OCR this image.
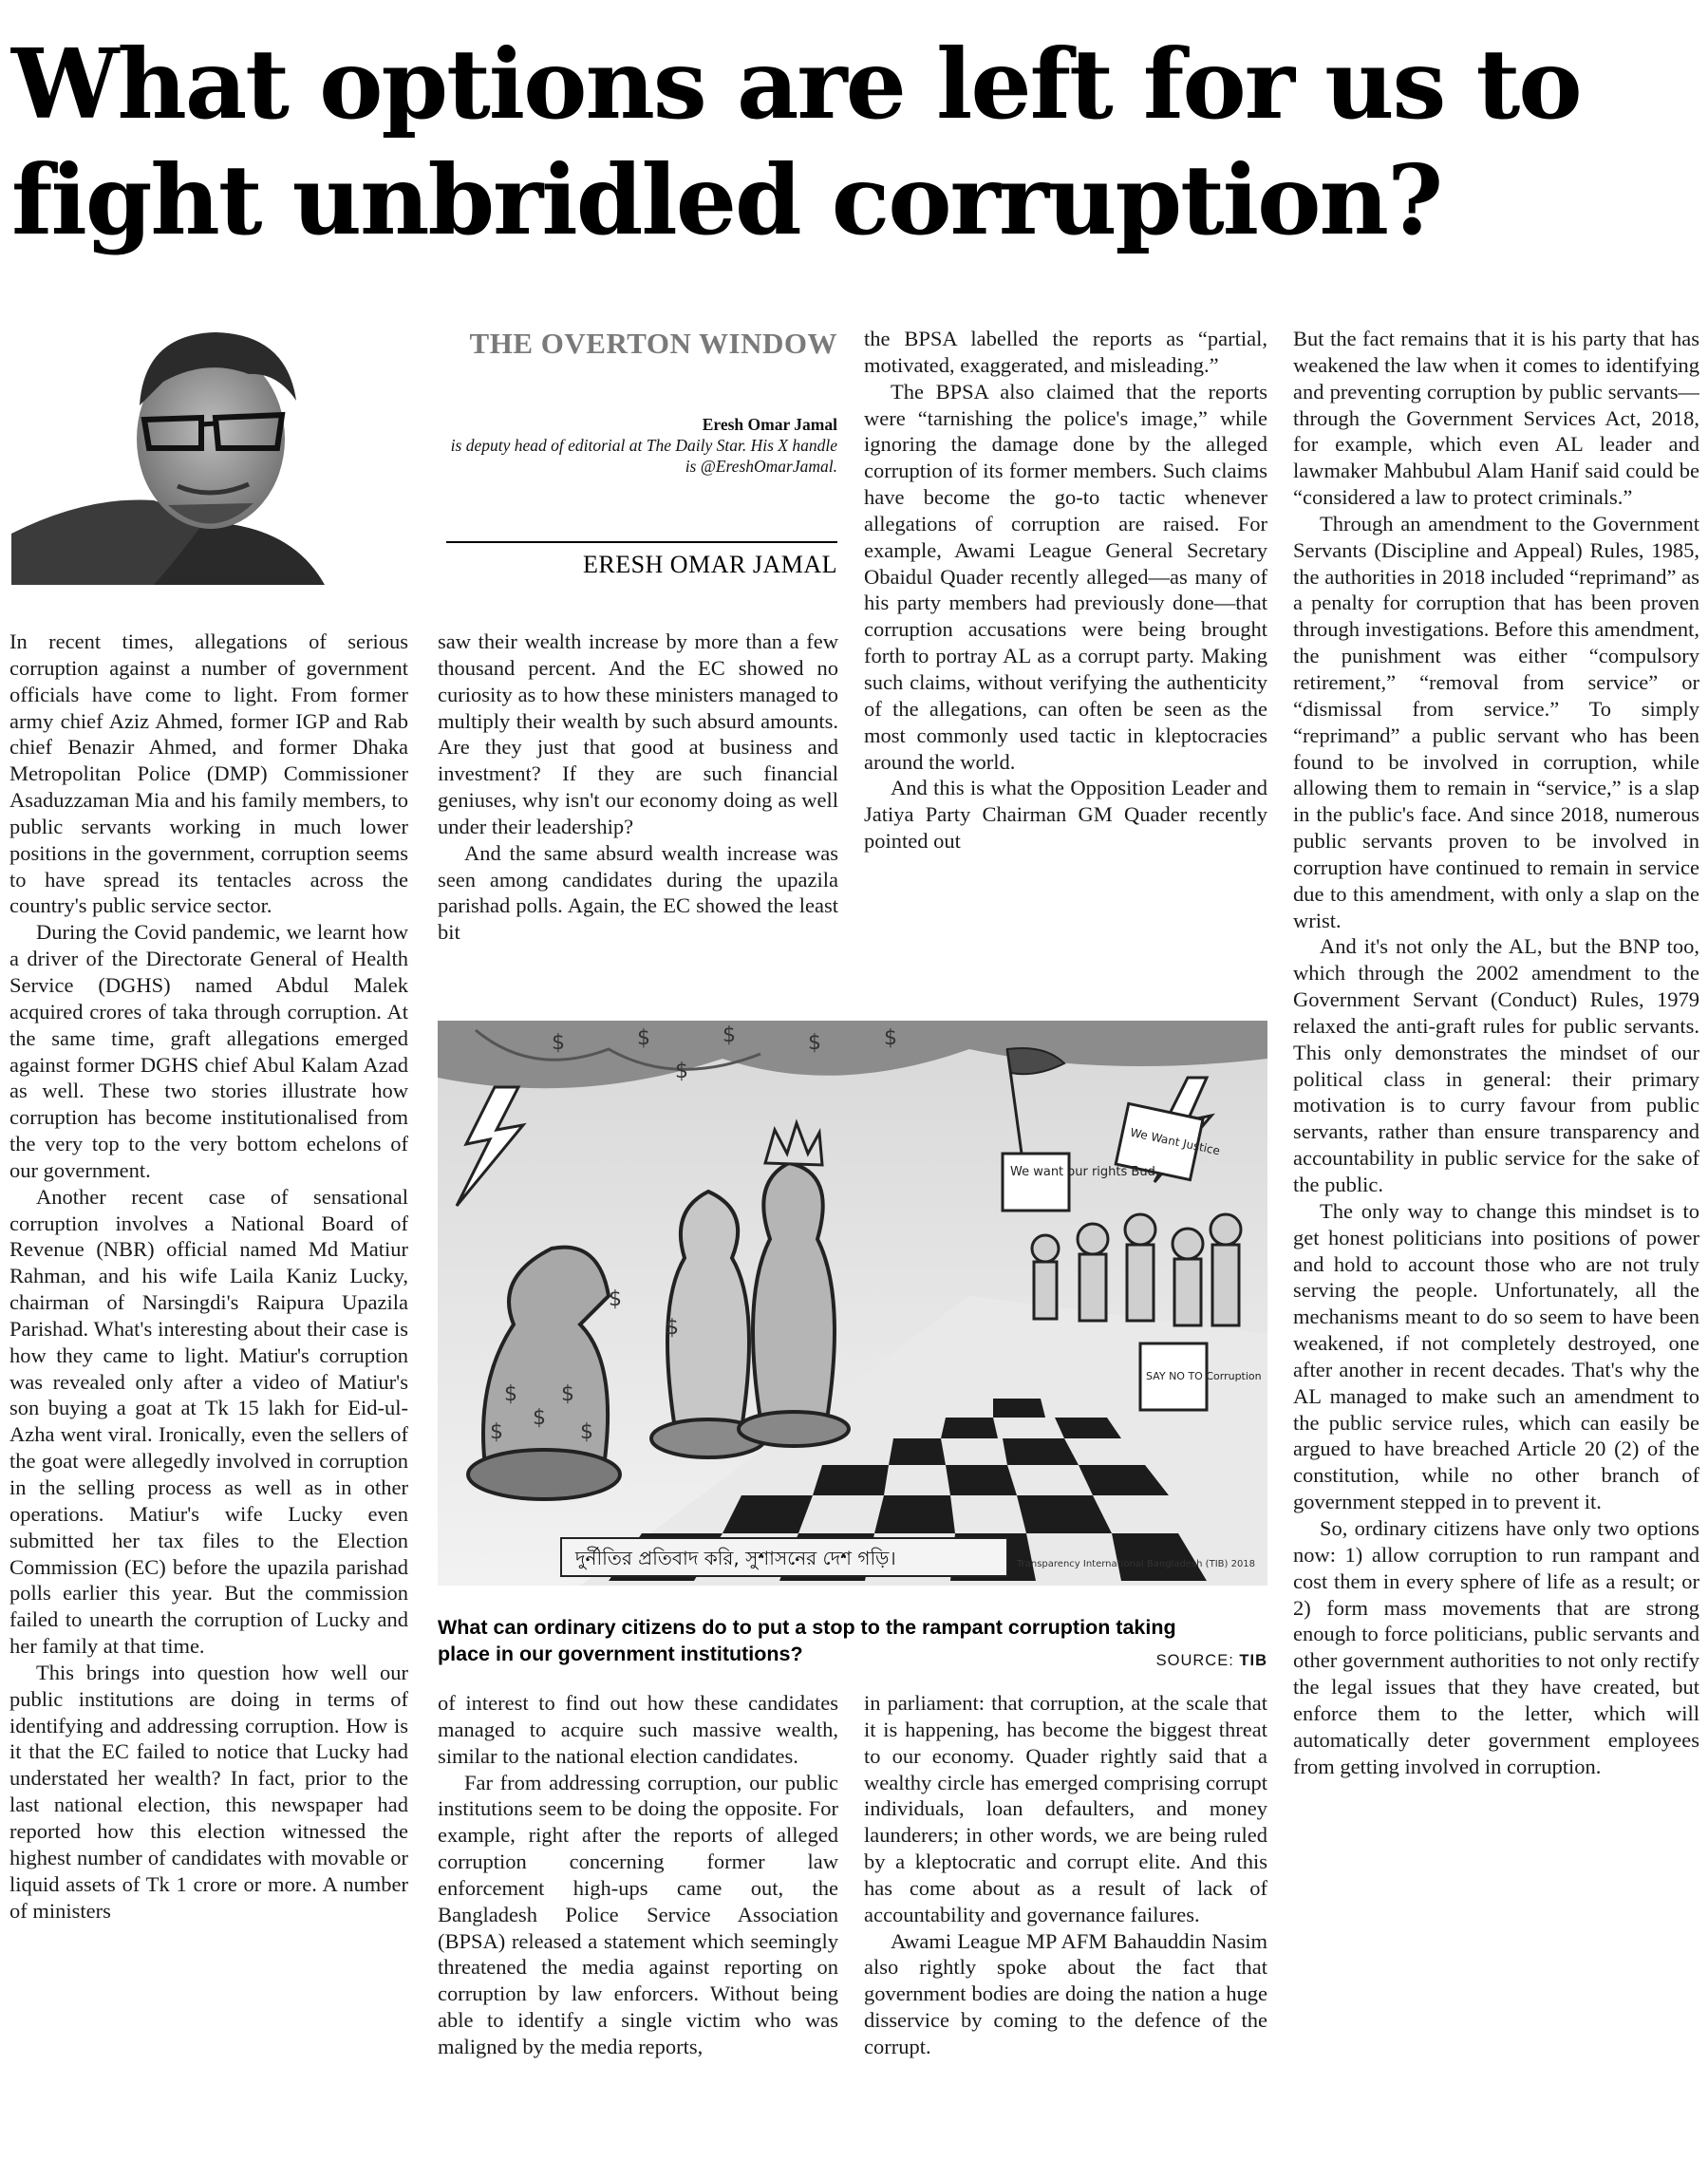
What options are left for us to fight unbridled corruption?
THE OVERTON WINDOW
Eresh Omar Jamal
is deputy head of editorial at The Daily Star. His X handle is @EreshOmarJamal.
ERESH OMAR JAMAL

In recent times, allegations of serious corruption against a number of government officials have come to light. From former army chief Aziz Ahmed, former IGP and Rab chief Benazir Ahmed, and former Dhaka Metropolitan Police (DMP) Commissioner Asaduzzaman Mia and his family members, to public servants working in much lower positions in the government, corruption seems to have spread its tentacles across the country's public service sector.

During the Covid pandemic, we learnt how a driver of the Directorate General of Health Service (DGHS) named Abdul Malek acquired crores of taka through corruption. At the same time, graft allegations emerged against former DGHS chief Abul Kalam Azad as well. These two stories illustrate how corruption has become institutionalised from the very top to the very bottom echelons of our government.

Another recent case of sensational corruption involves a National Board of Revenue (NBR) official named Md Matiur Rahman, and his wife Laila Kaniz Lucky, chairman of Narsingdi's Raipura Upazila Parishad. What's interesting about their case is how they came to light. Matiur's corruption was revealed only after a video of Matiur's son buying a goat at Tk 15 lakh for Eid-ul-Azha went viral. Ironically, even the sellers of the goat were allegedly involved in corruption in the selling process as well as in other operations. Matiur's wife Lucky even submitted her tax files to the Election Commission (EC) before the upazila parishad polls earlier this year. But the commission failed to unearth the corruption of Lucky and her family at that time.

This brings into question how well our public institutions are doing in terms of identifying and addressing corruption. How is it that the EC failed to notice that Lucky had understated her wealth? In fact, prior to the last national election, this newspaper had reported how this election witnessed the highest number of candidates with movable or liquid assets of Tk 1 crore or more. A number of ministers

saw their wealth increase by more than a few thousand percent. And the EC showed no curiosity as to how these ministers managed to multiply their wealth by such absurd amounts. Are they just that good at business and investment? If they are such financial geniuses, why isn't our economy doing as well under their leadership?

And the same absurd wealth increase was seen among candidates during the upazila parishad polls. Again, the EC showed the least bit

the BPSA labelled the reports as “partial, motivated, exaggerated, and misleading.”

The BPSA also claimed that the reports were “tarnishing the police's image,” while ignoring the damage done by the alleged corruption of its former members. Such claims have become the go-to tactic whenever allegations of corruption are raised. For example, Awami League General Secretary Obaidul Quader recently alleged—as many of his party members had previously done—that corruption accusations were being brought forth to portray AL as a corrupt party. Making such claims, without verifying the authenticity of the allegations, can often be seen as the most commonly used tactic in kleptocracies around the world.

And this is what the Opposition Leader and Jatiya Party Chairman GM Quader recently pointed out

$
$
$
$	$
$	$	$	$	$
$
$
$
We want our rights Bud
We Want Justice
SAY NO TO Corruption
দুর্নীতির প্রতিবাদ করি, সুশাসনের দেশ গড়ি।	Transparency International Bangladesh (TIB) 2018

What can ordinary citizens do to put a stop to the rampant corruption taking place in our government institutions?	SOURCE: TIB

of interest to find out how these candidates managed to acquire such massive wealth, similar to the national election candidates.

Far from addressing corruption, our public institutions seem to be doing the opposite. For example, right after the reports of alleged corruption concerning former law enforcement high-ups came out, the Bangladesh Police Service Association (BPSA) released a statement which seemingly threatened the media against reporting on corruption by law enforcers. Without being able to identify a single victim who was maligned by the media reports,

in parliament: that corruption, at the scale that it is happening, has become the biggest threat to our economy. Quader rightly said that a wealthy circle has emerged comprising corrupt individuals, loan defaulters, and money launderers; in other words, we are being ruled by a kleptocratic and corrupt elite. And this has come about as a result of lack of accountability and governance failures.

Awami League MP AFM Bahauddin Nasim also rightly spoke about the fact that government bodies are doing the nation a huge disservice by coming to the defence of the corrupt.

But the fact remains that it is his party that has weakened the law when it comes to identifying and preventing corruption by public servants—through the Government Services Act, 2018, for example, which even AL leader and lawmaker Mahbubul Alam Hanif said could be “considered a law to protect criminals.”

Through an amendment to the Government Servants (Discipline and Appeal) Rules, 1985, the authorities in 2018 included “reprimand” as a penalty for corruption that has been proven through investigations. Before this amendment, the punishment was either “compulsory retirement,” “removal from service” or “dismissal from service.” To simply “reprimand” a public servant who has been found to be involved in corruption, while allowing them to remain in “service,” is a slap in the public's face. And since 2018, numerous public servants proven to be involved in corruption have continued to remain in service due to this amendment, with only a slap on the wrist.

And it's not only the AL, but the BNP too, which through the 2002 amendment to the Government Servant (Conduct) Rules, 1979 relaxed the anti-graft rules for public servants. This only demonstrates the mindset of our political class in general: their primary motivation is to curry favour from public servants, rather than ensure transparency and accountability in public service for the sake of the public.

The only way to change this mindset is to get honest politicians into positions of power and hold to account those who are not truly serving the people. Unfortunately, all the mechanisms meant to do so seem to have been weakened, if not completely destroyed, one after another in recent decades. That's why the AL managed to make such an amendment to the public service rules, which can easily be argued to have breached Article 20 (2) of the constitution, while no other branch of government stepped in to prevent it.

So, ordinary citizens have only two options now: 1) allow corruption to run rampant and cost them in every sphere of life as a result; or 2) form mass movements that are strong enough to force politicians, public servants and other government authorities to not only rectify the legal issues that they have created, but enforce them to the letter, which will automatically deter government employees from getting involved in corruption.
